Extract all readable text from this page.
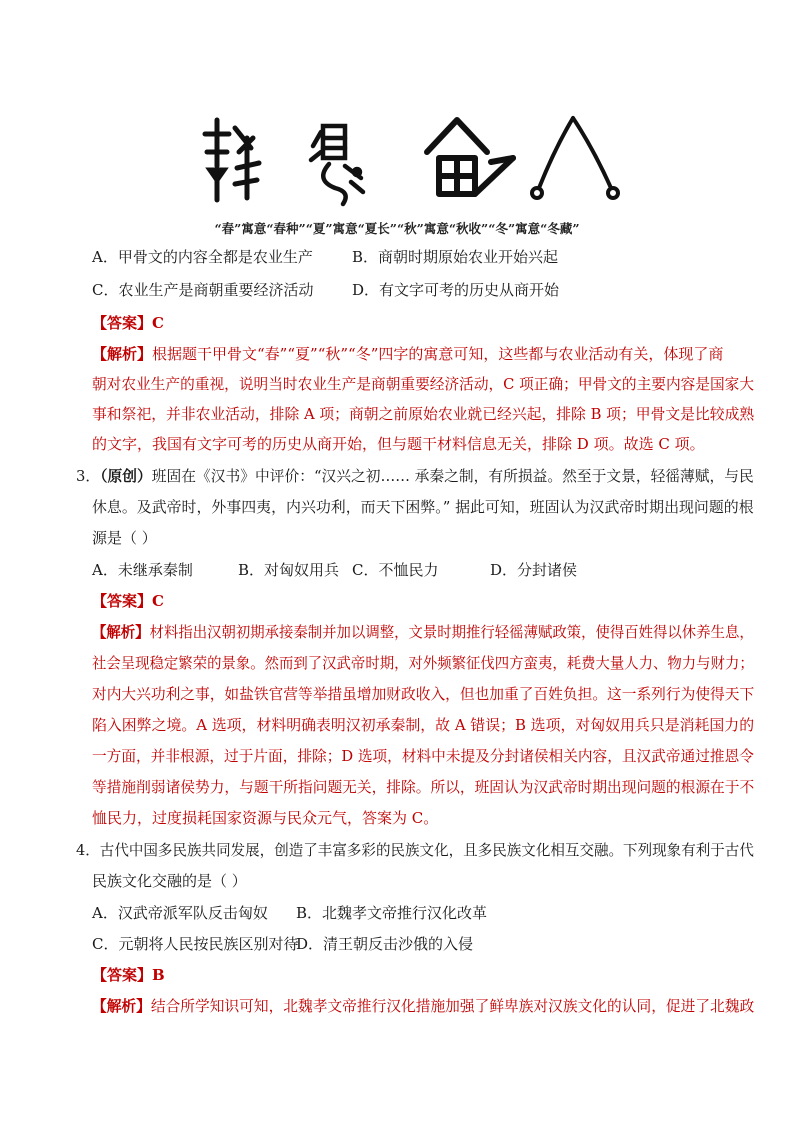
“春”寓意“春种”“夏”寓意“夏长”“秋”寓意“秋收”“冬”寓意“冬藏”
A．甲骨文的内容全都是农业生产	B．商朝时期原始农业开始兴起
C．农业生产是商朝重要经济活动	D．有文字可考的历史从商开始
【答案】C
【解析】根据题干甲骨文“春”“夏”“秋”“冬”四字的寓意可知，这些都与农业活动有关，体现了商
朝对农业生产的重视，说明当时农业生产是商朝重要经济活动，C 项正确；甲骨文的主要内容是国家大
事和祭祀，并非农业活动，排除 A 项；商朝之前原始农业就已经兴起，排除 B 项；甲骨文是比较成熟
的文字，我国有文字可考的历史从商开始，但与题干材料信息无关，排除 D 项。故选 C 项。
3．（原创）班固在《汉书》中评价：“汉兴之初…… 承秦之制，有所损益。然至于文景，轻徭薄赋，与民
休息。及武帝时，外事四夷，内兴功利，而天下困弊。” 据此可知，班固认为汉武帝时期出现问题的根
源是（ ）
A．未继承秦制	B．对匈奴用兵 C．不恤民力	D．分封诸侯
【答案】C
【解析】材料指出汉朝初期承接秦制并加以调整，文景时期推行轻徭薄赋政策，使得百姓得以休养生息，
社会呈现稳定繁荣的景象。然而到了汉武帝时期，对外频繁征伐四方蛮夷，耗费大量人力、物力与财力；
对内大兴功利之事，如盐铁官营等举措虽增加财政收入，但也加重了百姓负担。这一系列行为使得天下
陷入困弊之境。A 选项，材料明确表明汉初承秦制，故 A 错误；B 选项，对匈奴用兵只是消耗国力的
一方面，并非根源，过于片面，排除；D 选项，材料中未提及分封诸侯相关内容，且汉武帝通过推恩令
等措施削弱诸侯势力，与题干所指问题无关，排除。所以，班固认为汉武帝时期出现问题的根源在于不
恤民力，过度损耗国家资源与民众元气，答案为 C。
4．古代中国多民族共同发展，创造了丰富多彩的民族文化，且多民族文化相互交融。下列现象有利于古代
民族文化交融的是（ ）
A．汉武帝派军队反击匈奴 B．北魏孝文帝推行汉化改革
C．元朝将人民按民族区别对待
D．清王朝反击沙俄的入侵
【答案】B
【解析】结合所学知识可知，北魏孝文帝推行汉化措施加强了鲜卑族对汉族文化的认同，促进了北魏政
